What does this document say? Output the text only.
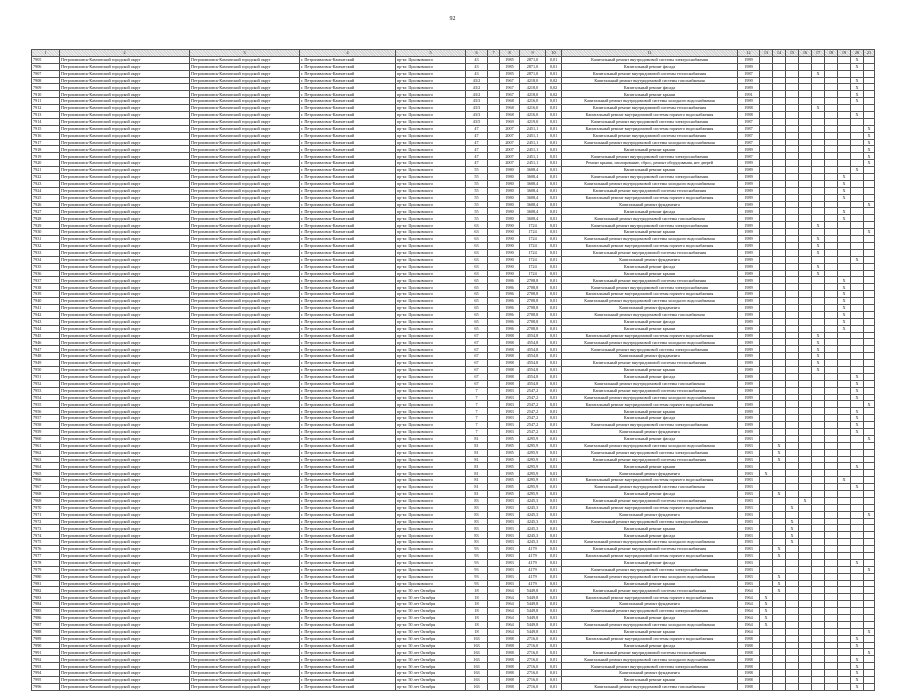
92
1	2	3	4	5	6	7	8	9	10	11	12	13	14	15	16	17	18	19	20	21
7905	Петропавловск-Камчатский городской округ	Петропавловск-Камчатский городской округ	г. Петропавловск-Камчатский	пр-кт. Циолковского	43		1985	2871,0	0,01	Капитальный ремонт внутридомовой системы электроснабжения	1989								X	
7906	Петропавловск-Камчатский городской округ	Петропавловск-Камчатский городской округ	г. Петропавловск-Камчатский	пр-кт. Циолковского	43		1985	2871,0	0,01	Капитальный ремонт фасада	1989								X	
7907	Петропавловск-Камчатский городской округ	Петропавловск-Камчатский городской округ	г. Петропавловск-Камчатский	пр-кт. Циолковского	43		1985	2871,0	0,01	Капитальный ремонт внутридомовой системы теплоснабжения	1987					X				
7908	Петропавловск-Камчатский городской округ	Петропавловск-Камчатский городской округ	г. Петропавловск-Камчатский	пр-кт. Циолковского	43/2		1967	4218,0	0,02	Капитальный ремонт внутридомовой системы газоснабжения	1990								X	
7909	Петропавловск-Камчатский городской округ	Петропавловск-Камчатский городской округ	г. Петропавловск-Камчатский	пр-кт. Циолковского	43/2		1967	4218,0	0,02	Капитальный ремонт фасада	1989								X	
7910	Петропавловск-Камчатский городской округ	Петропавловск-Камчатский городской округ	г. Петропавловск-Камчатский	пр-кт. Циолковского	43/2		1967	4218,0	0,02	Капитальный ремонт крыши	1991								X	
7911	Петропавловск-Камчатский городской округ	Петропавловск-Камчатский городской округ	г. Петропавловск-Камчатский	пр-кт. Циолковского	43/3		1968	4216,0	0,01	Капитальный ремонт внутридомовой системы холодного водоснабжения	1989								X	
7912	Петропавловск-Камчатский городской округ	Петропавловск-Камчатский городской округ	г. Петропавловск-Камчатский	пр-кт. Циолковского	43/3		1968	4216,0	0,01	Капитальный ремонт внутридомовой системы теплоснабжения	1988					X				
7913	Петропавловск-Камчатский городской округ	Петропавловск-Камчатский городской округ	г. Петропавловск-Камчатский	пр-кт. Циолковского	43/3		1968	4216,0	0,01	Капитальный ремонт внутридомовой системы горячего водоснабжения	1988								X	
7914	Петропавловск-Камчатский городской округ	Петропавловск-Камчатский городской округ	г. Петропавловск-Камчатский	пр-кт. Циолковского	43/5		1969	4219,0	0,01	Капитальный ремонт внутридомовой системы электроснабжения	1987									
7915	Петропавловск-Камчатский городской округ	Петропавловск-Камчатский городской округ	г. Петропавловск-Камчатский	пр-кт. Циолковского	47		2007	2451,1	0,01	Капитальный ремонт внутридомовой системы горячего водоснабжения	1987									X
7916	Петропавловск-Камчатский городской округ	Петропавловск-Камчатский городской округ	г. Петропавловск-Камчатский	пр-кт. Циолковского	47		2007	2451,1	0,01	Капитальный ремонт внутридомовой системы теплоснабжения	1987									X
7917	Петропавловск-Камчатский городской округ	Петропавловск-Камчатский городской округ	г. Петропавловск-Камчатский	пр-кт. Циолковского	47		2007	2451,1	0,01	Капитальный ремонт внутридомовой системы холодного водоснабжения	1987									X
7918	Петропавловск-Камчатский городской округ	Петропавловск-Камчатский городской округ	г. Петропавловск-Камчатский	пр-кт. Циолковского	47		2007	2451,1	0,01	Капитальный ремонт крыши	1989									X
7919	Петропавловск-Камчатский городской округ	Петропавловск-Камчатский городской округ	г. Петропавловск-Камчатский	пр-кт. Циолковского	47		2007	2451,1	0,01	Капитальный ремонт внутридомовой системы электроснабжения	1987									X
7920	Петропавловск-Камчатский городской округ	Петропавловск-Камчатский городской округ	г. Петропавловск-Камчатский	пр-кт. Циолковского	47		2007	2451,1	0,01	Ремонт крыши, изолирование, сброс, ремонт оборудования, нет дверей	1989									X
7921	Петропавловск-Камчатский городской округ	Петропавловск-Камчатский городской округ	г. Петропавловск-Камчатский	пр-кт. Циолковского	55		1980	3608,4	0,01	Капитальный ремонт крыши	1989								X	
7922	Петропавловск-Камчатский городской округ	Петропавловск-Камчатский городской округ	г. Петропавловск-Камчатский	пр-кт. Циолковского	55		1980	3608,4	0,01	Капитальный ремонт внутридомовой системы электроснабжения	1989							X		
7923	Петропавловск-Камчатский городской округ	Петропавловск-Камчатский городской округ	г. Петропавловск-Камчатский	пр-кт. Циолковского	55		1980	3608,4	0,01	Капитальный ремонт внутридомовой системы холодного водоснабжения	1989							X		
7924	Петропавловск-Камчатский городской округ	Петропавловск-Камчатский городской округ	г. Петропавловск-Камчатский	пр-кт. Циолковского	55		1980	3608,4	0,01	Капитальный ремонт внутридомовой системы теплоснабжения	1989							X		
7925	Петропавловск-Камчатский городской округ	Петропавловск-Камчатский городской округ	г. Петропавловск-Камчатский	пр-кт. Циолковского	55		1980	3608,4	0,01	Капитальный ремонт внутридомовой системы горячего водоснабжения	1989							X		
7926	Петропавловск-Камчатский городской округ	Петропавловск-Камчатский городской округ	г. Петропавловск-Камчатский	пр-кт. Циолковского	55		1980	3608,4	0,01	Капитальный ремонт фундамента	1989									X
7927	Петропавловск-Камчатский городской округ	Петропавловск-Камчатский городской округ	г. Петропавловск-Камчатский	пр-кт. Циолковского	55		1980	3608,4	0,01	Капитальный ремонт фасада	1989							X		
7928	Петропавловск-Камчатский городской округ	Петропавловск-Камчатский городской округ	г. Петропавловск-Камчатский	пр-кт. Циолковского	55		1980	3608,4	0,01	Капитальный ремонт внутридомовой системы газоснабжения	1989							X		
7929	Петропавловск-Камчатский городской округ	Петропавловск-Камчатский городской округ	г. Петропавловск-Камчатский	пр-кт. Циолковского	63		1990	1724	0,01	Капитальный ремонт внутридомовой системы электроснабжения	1989					X				
7930	Петропавловск-Камчатский городской округ	Петропавловск-Камчатский городской округ	г. Петропавловск-Камчатский	пр-кт. Циолковского	63		1990	1724	0,01	Капитальный ремонт крыши	1989									X
7931	Петропавловск-Камчатский городской округ	Петропавловск-Камчатский городской округ	г. Петропавловск-Камчатский	пр-кт. Циолковского	63		1990	1724	0,01	Капитальный ремонт внутридомовой системы холодного водоснабжения	1989					X				
7932	Петропавловск-Камчатский городской округ	Петропавловск-Камчатский городской округ	г. Петропавловск-Камчатский	пр-кт. Циолковского	63		1990	1724	0,01	Капитальный ремонт внутридомовой системы горячего водоснабжения	1989					X				
7933	Петропавловск-Камчатский городской округ	Петропавловск-Камчатский городской округ	г. Петропавловск-Камчатский	пр-кт. Циолковского	63		1990	1724	0,01	Капитальный ремонт внутридомовой системы теплоснабжения	1989					X				
7934	Петропавловск-Камчатский городской округ	Петропавловск-Камчатский городской округ	г. Петропавловск-Камчатский	пр-кт. Циолковского	63		1990	1724	0,01	Капитальный ремонт фундамента	1989								X	
7935	Петропавловск-Камчатский городской округ	Петропавловск-Камчатский городской округ	г. Петропавловск-Камчатский	пр-кт. Циолковского	63		1990	1724	0,01	Капитальный ремонт фасада	1989					X				
7936	Петропавловск-Камчатский городской округ	Петропавловск-Камчатский городской округ	г. Петропавловск-Камчатский	пр-кт. Циолковского	63		1990	1724	0,01	Капитальный ремонт крыши	1989					X				
7937	Петропавловск-Камчатский городской округ	Петропавловск-Камчатский городской округ	г. Петропавловск-Камчатский	пр-кт. Циолковского	65		1986	2708,8	0,01	Капитальный ремонт внутридомовой системы теплоснабжения	1989							X		
7938	Петропавловск-Камчатский городской округ	Петропавловск-Камчатский городской округ	г. Петропавловск-Камчатский	пр-кт. Циолковского	65		1986	2708,8	0,01	Капитальный ремонт внутридомовой системы электроснабжения	1989							X		
7939	Петропавловск-Камчатский городской округ	Петропавловск-Камчатский городской округ	г. Петропавловск-Камчатский	пр-кт. Циолковского	65		1986	2708,8	0,01	Капитальный ремонт внутридомовой системы горячего водоснабжения	1989							X		
7940	Петропавловск-Камчатский городской округ	Петропавловск-Камчатский городской округ	г. Петропавловск-Камчатский	пр-кт. Циолковского	65		1986	2708,8	0,01	Капитальный ремонт внутридомовой системы холодного водоснабжения	1989							X		
7941	Петропавловск-Камчатский городской округ	Петропавловск-Камчатский городской округ	г. Петропавловск-Камчатский	пр-кт. Циолковского	65		1986	2708,8	0,01	Капитальный ремонт фундамента	1989							X		
7942	Петропавловск-Камчатский городской округ	Петропавловск-Камчатский городской округ	г. Петропавловск-Камчатский	пр-кт. Циолковского	65		1986	2708,8	0,01	Капитальный ремонт внутридомовой системы газоснабжения	1989							X		
7943	Петропавловск-Камчатский городской округ	Петропавловск-Камчатский городской округ	г. Петропавловск-Камчатский	пр-кт. Циолковского	65		1986	2708,8	0,01	Капитальный ремонт фасада	1989							X		
7944	Петропавловск-Камчатский городской округ	Петропавловск-Камчатский городской округ	г. Петропавловск-Камчатский	пр-кт. Циолковского	65		1986	2708,8	0,01	Капитальный ремонт крыши	1989							X		
7945	Петропавловск-Камчатский городской округ	Петропавловск-Камчатский городской округ	г. Петропавловск-Камчатский	пр-кт. Циолковского	67		1988	4554,8	0,01	Капитальный ремонт внутридомовой системы горячего водоснабжения	1989					X				
7946	Петропавловск-Камчатский городской округ	Петропавловск-Камчатский городской округ	г. Петропавловск-Камчатский	пр-кт. Циолковского	67		1988	4554,8	0,01	Капитальный ремонт внутридомовой системы холодного водоснабжения	1989					X				
7947	Петропавловск-Камчатский городской округ	Петропавловск-Камчатский городской округ	г. Петропавловск-Камчатский	пр-кт. Циолковского	67		1988	4554,8	0,01	Капитальный ремонт внутридомовой системы электроснабжения	1989					X				
7948	Петропавловск-Камчатский городской округ	Петропавловск-Камчатский городской округ	г. Петропавловск-Камчатский	пр-кт. Циолковского	67		1988	4554,8	0,01	Капитальный ремонт фундамента	1989					X				
7949	Петропавловск-Камчатский городской округ	Петропавловск-Камчатский городской округ	г. Петропавловск-Камчатский	пр-кт. Циолковского	67		1988	4554,8	0,01	Капитальный ремонт внутридомовой системы теплоснабжения	1989					X				
7950	Петропавловск-Камчатский городской округ	Петропавловск-Камчатский городской округ	г. Петропавловск-Камчатский	пр-кт. Циолковского	67		1988	4554,8	0,01	Капитальный ремонт крыши	1989					X				
7951	Петропавловск-Камчатский городской округ	Петропавловск-Камчатский городской округ	г. Петропавловск-Камчатский	пр-кт. Циолковского	67		1988	4554,8	0,01	Капитальный ремонт фасада	1989								X	
7952	Петропавловск-Камчатский городской округ	Петропавловск-Камчатский городской округ	г. Петропавловск-Камчатский	пр-кт. Циолковского	67		1988	4554,8	0,01	Капитальный ремонт внутридомовой системы газоснабжения	1989								X	
7953	Петропавловск-Камчатский городской округ	Петропавловск-Камчатский городской округ	г. Петропавловск-Камчатский	пр-кт. Циолковского	7		1983	2547,2	0,01	Капитальный ремонт внутридомовой системы теплоснабжения	1989								X	
7954	Петропавловск-Камчатский городской округ	Петропавловск-Камчатский городской округ	г. Петропавловск-Камчатский	пр-кт. Циолковского	7		1983	2547,2	0,01	Капитальный ремонт внутридомовой системы холодного водоснабжения	1989								X	
7955	Петропавловск-Камчатский городской округ	Петропавловск-Камчатский городской округ	г. Петропавловск-Камчатский	пр-кт. Циолковского	7		1983	2547,2	0,01	Капитальный ремонт внутридомовой системы горячего водоснабжения	1989									X
7956	Петропавловск-Камчатский городской округ	Петропавловск-Камчатский городской округ	г. Петропавловск-Камчатский	пр-кт. Циолковского	7		1983	2547,2	0,01	Капитальный ремонт крыши	1989								X	
7957	Петропавловск-Камчатский городской округ	Петропавловск-Камчатский городской округ	г. Петропавловск-Камчатский	пр-кт. Циолковского	7		1983	2547,2	0,01	Капитальный ремонт фасада	1989								X	
7958	Петропавловск-Камчатский городской округ	Петропавловск-Камчатский городской округ	г. Петропавловск-Камчатский	пр-кт. Циолковского	7		1983	2547,2	0,01	Капитальный ремонт внутридомовой системы электроснабжения	1989								X	
7959	Петропавловск-Камчатский городской округ	Петропавловск-Камчатский городской округ	г. Петропавловск-Камчатский	пр-кт. Циолковского	7		1983	2547,2	0,01	Капитальный ремонт фундамента	1989								X	
7960	Петропавловск-Камчатский городской округ	Петропавловск-Камчатский городской округ	г. Петропавловск-Камчатский	пр-кт. Циолковского	81		1985	4295,9	0,01	Капитальный ремонт фасада	1983									X
7961	Петропавловск-Камчатский городской округ	Петропавловск-Камчатский городской округ	г. Петропавловск-Камчатский	пр-кт. Циолковского	81		1985	4295,9	0,01	Капитальный ремонт внутридомовой системы холодного водоснабжения	1983		X							
7962	Петропавловск-Камчатский городской округ	Петропавловск-Камчатский городской округ	г. Петропавловск-Камчатский	пр-кт. Циолковского	81		1985	4295,9	0,01	Капитальный ремонт внутридомовой системы электроснабжения	1983		X							
7963	Петропавловск-Камчатский городской округ	Петропавловск-Камчатский городской округ	г. Петропавловск-Камчатский	пр-кт. Циолковского	81		1985	4295,9	0,01	Капитальный ремонт внутридомовой системы теплоснабжения	1983		X							
7964	Петропавловск-Камчатский городской округ	Петропавловск-Камчатский городской округ	г. Петропавловск-Камчатский	пр-кт. Циолковского	81		1985	4295,9	0,01	Капитальный ремонт крыши	1983								X	
7965	Петропавловск-Камчатский городской округ	Петропавловск-Камчатский городской округ	г. Петропавловск-Камчатский	пр-кт. Циолковского	81		1985	4295,9	0,01	Капитальный ремонт фундамента	1983	X								
7966	Петропавловск-Камчатский городской округ	Петропавловск-Камчатский городской округ	г. Петропавловск-Камчатский	пр-кт. Циолковского	81		1985	4295,9	0,01	Капитальный ремонт внутридомовой системы горячего водоснабжения	1983							X		
7967	Петропавловск-Камчатский городской округ	Петропавловск-Камчатский городской округ	г. Петропавловск-Камчатский	пр-кт. Циолковского	81		1985	4295,9	0,01	Капитальный ремонт внутридомовой системы газоснабжения	1983								X	
7968	Петропавловск-Камчатский городской округ	Петропавловск-Камчатский городской округ	г. Петропавловск-Камчатский	пр-кт. Циолковского	81		1985	4295,9	0,01	Капитальный ремонт фасада	1983		X							
7969	Петропавловск-Камчатский городской округ	Петропавловск-Камчатский городской округ	г. Петропавловск-Камчатский	пр-кт. Циолковского	83		1983	4245,3	0,01	Капитальный ремонт внутридомовой системы теплоснабжения	1983				X					
7970	Петропавловск-Камчатский городской округ	Петропавловск-Камчатский городской округ	г. Петропавловск-Камчатский	пр-кт. Циолковского	83		1983	4245,3	0,01	Капитальный ремонт внутридомовой системы горячего водоснабжения	1983			X						
7971	Петропавловск-Камчатский городской округ	Петропавловск-Камчатский городской округ	г. Петропавловск-Камчатский	пр-кт. Циолковского	83		1983	4245,3	0,01	Капитальный ремонт фундамента	1983									X
7972	Петропавловск-Камчатский городской округ	Петропавловск-Камчатский городской округ	г. Петропавловск-Камчатский	пр-кт. Циолковского	83		1983	4245,3	0,01	Капитальный ремонт внутридомовой системы электроснабжения	1983			X						
7973	Петропавловск-Камчатский городской округ	Петропавловск-Камчатский городской округ	г. Петропавловск-Камчатский	пр-кт. Циолковского	83		1983	4245,3	0,01	Капитальный ремонт крыши	1983			X						
7974	Петропавловск-Камчатский городской округ	Петропавловск-Камчатский городской округ	г. Петропавловск-Камчатский	пр-кт. Циолковского	83		1983	4245,3	0,01	Капитальный ремонт фасада	1983			X						
7975	Петропавловск-Камчатский городской округ	Петропавловск-Камчатский городской округ	г. Петропавловск-Камчатский	пр-кт. Циолковского	83		1983	4245,3	0,01	Капитальный ремонт внутридомовой системы холодного водоснабжения	1983			X						
7976	Петропавловск-Камчатский городской округ	Петропавловск-Камчатский городской округ	г. Петропавловск-Камчатский	пр-кт. Циолковского	93		1983	4179	0,01	Капитальный ремонт внутридомовой системы теплоснабжения	1983		X							
7977	Петропавловск-Камчатский городской округ	Петропавловск-Камчатский городской округ	г. Петропавловск-Камчатский	пр-кт. Циолковского	93		1983	4179	0,01	Капитальный ремонт внутридомовой системы горячего водоснабжения	1983		X							
7978	Петропавловск-Камчатский городской округ	Петропавловск-Камчатский городской округ	г. Петропавловск-Камчатский	пр-кт. Циолковского	93		1983	4179	0,01	Капитальный ремонт фасада	1983								X	
7979	Петропавловск-Камчатский городской округ	Петропавловск-Камчатский городской округ	г. Петропавловск-Камчатский	пр-кт. Циолковского	93		1983	4179	0,01	Капитальный ремонт внутридомовой системы электроснабжения	1983									X
7980	Петропавловск-Камчатский городской округ	Петропавловск-Камчатский городской округ	г. Петропавловск-Камчатский	пр-кт. Циолковского	93		1983	4179	0,01	Капитальный ремонт внутридомовой системы холодного водоснабжения	1983		X							
7981	Петропавловск-Камчатский городской округ	Петропавловск-Камчатский городской округ	г. Петропавловск-Камчатский	пр-кт. Циолковского	93		1983	4179	0,01	Капитальный ремонт крыши	1983		X							
7982	Петропавловск-Камчатский городской округ	Петропавловск-Камчатский городской округ	г. Петропавловск-Камчатский	пр-кт. 50 лет Октября	18		1964	5449,8	0,01	Капитальный ремонт внутридомовой системы теплоснабжения	1964		X							
7983	Петропавловск-Камчатский городской округ	Петропавловск-Камчатский городской округ	г. Петропавловск-Камчатский	пр-кт. 50 лет Октября	18		1964	5449,8	0,01	Капитальный ремонт внутридомовой системы горячего водоснабжения	1964	X								
7984	Петропавловск-Камчатский городской округ	Петропавловск-Камчатский городской округ	г. Петропавловск-Камчатский	пр-кт. 50 лет Октября	18		1964	5449,8	0,01	Капитальный ремонт фундамента	1964	X								
7985	Петропавловск-Камчатский городской округ	Петропавловск-Камчатский городской округ	г. Петропавловск-Камчатский	пр-кт. 50 лет Октября	18		1964	5449,8	0,01	Капитальный ремонт внутридомовой системы электроснабжения	1964	X								
7986	Петропавловск-Камчатский городской округ	Петропавловск-Камчатский городской округ	г. Петропавловск-Камчатский	пр-кт. 50 лет Октября	18		1964	5449,8	0,01	Капитальный ремонт фасада	1964	X								
7987	Петропавловск-Камчатский городской округ	Петропавловск-Камчатский городской округ	г. Петропавловск-Камчатский	пр-кт. 50 лет Октября	18		1964	5449,8	0,01	Капитальный ремонт внутридомовой системы холодного водоснабжения	1964	X								
7988	Петропавловск-Камчатский городской округ	Петропавловск-Камчатский городской округ	г. Петропавловск-Камчатский	пр-кт. 50 лет Октября	18		1964	5449,8	0,01	Капитальный ремонт крыши	1964									X
7989	Петропавловск-Камчатский городской округ	Петропавловск-Камчатский городской округ	г. Петропавловск-Камчатский	пр-кт. 50 лет Октября	163		1988	2716,0	0,01	Капитальный ремонт внутридомовой системы горячего водоснабжения	1988								X	
7990	Петропавловск-Камчатский городской округ	Петропавловск-Камчатский городской округ	г. Петропавловск-Камчатский	пр-кт. 50 лет Октября	163		1988	2716,0	0,01	Капитальный ремонт фасада	1988								X	
7991	Петропавловск-Камчатский городской округ	Петропавловск-Камчатский городской округ	г. Петропавловск-Камчатский	пр-кт. 50 лет Октября	163		1988	2716,0	0,01	Капитальный ремонт внутридомовой системы теплоснабжения	1988									X
7992	Петропавловск-Камчатский городской округ	Петропавловск-Камчатский городской округ	г. Петропавловск-Камчатский	пр-кт. 50 лет Октября	163		1988	2716,0	0,01	Капитальный ремонт внутридомовой системы холодного водоснабжения	1988								X	
7993	Петропавловск-Камчатский городской округ	Петропавловск-Камчатский городской округ	г. Петропавловск-Камчатский	пр-кт. 50 лет Октября	163		1988	2716,0	0,01	Капитальный ремонт внутридомовой системы электроснабжения	1988								X	
7994	Петропавловск-Камчатский городской округ	Петропавловск-Камчатский городской округ	г. Петропавловск-Камчатский	пр-кт. 50 лет Октября	163		1988	2716,0	0,01	Капитальный ремонт фундамента	1988								X	
7995	Петропавловск-Камчатский городской округ	Петропавловск-Камчатский городской округ	г. Петропавловск-Камчатский	пр-кт. 50 лет Октября	163		1988	2716,0	0,01	Капитальный ремонт крыши	1988								X	
7996	Петропавловск-Камчатский городской округ	Петропавловск-Камчатский городской округ	г. Петропавловск-Камчатский	пр-кт. 50 лет Октября	163		1988	2716,0	0,01	Капитальный ремонт внутридомовой системы газоснабжения	1988								X	
